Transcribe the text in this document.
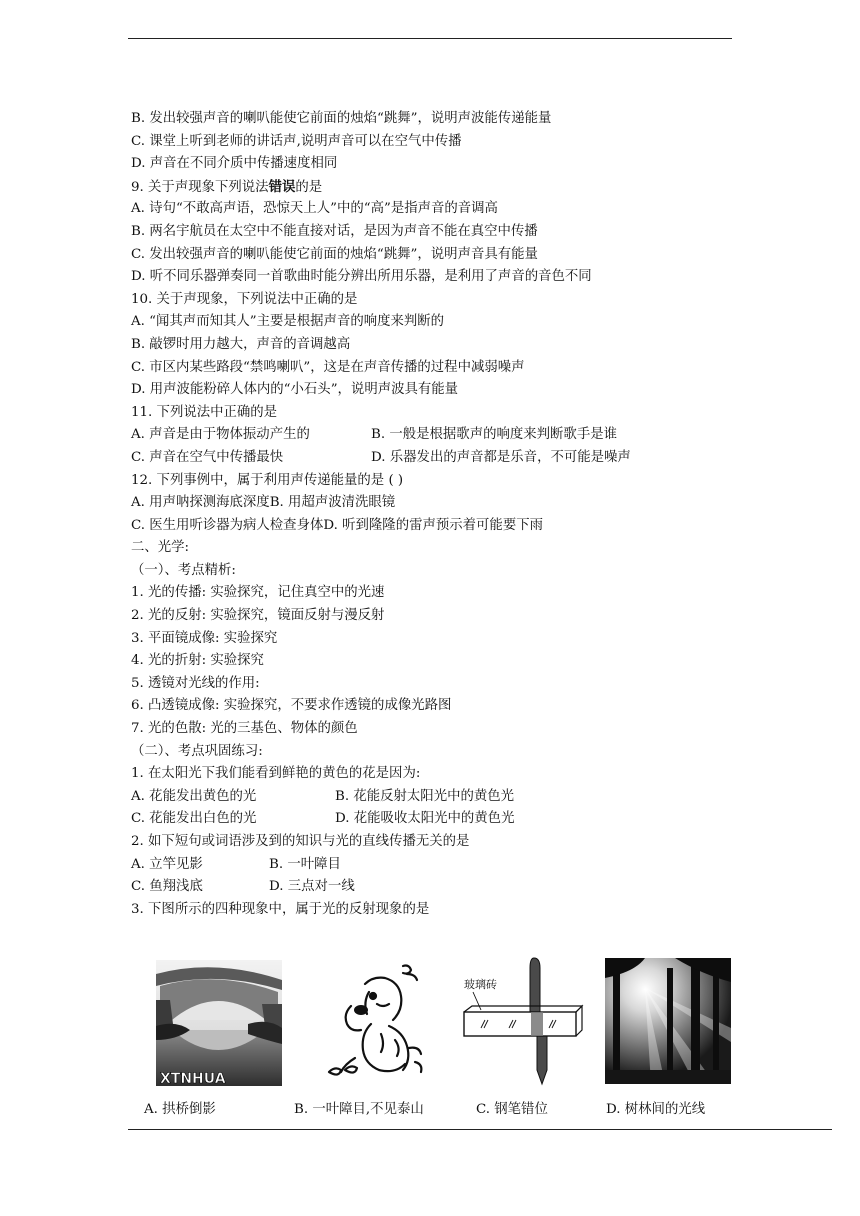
B. 发出较强声音的喇叭能使它前面的烛焰“跳舞”，说明声波能传递能量
C. 课堂上听到老师的讲话声,说明声音可以在空气中传播
D. 声音在不同介质中传播速度相同
9. 关于声现象下列说法错误的是
A. 诗句“不敢高声语，恐惊天上人”中的“高”是指声音的音调高
B. 两名宇航员在太空中不能直接对话，是因为声音不能在真空中传播
C. 发出较强声音的喇叭能使它前面的烛焰“跳舞”，说明声音具有能量
D. 听不同乐器弹奏同一首歌曲时能分辨出所用乐器，是利用了声音的音色不同
10. 关于声现象，下列说法中正确的是
A. “闻其声而知其人”主要是根据声音的响度来判断的
B. 敲锣时用力越大，声音的音调越高
C. 市区内某些路段“禁鸣喇叭”，这是在声音传播的过程中减弱噪声
D. 用声波能粉碎人体内的“小石头”，说明声波具有能量
11. 下列说法中正确的是
A. 声音是由于物体振动产生的	B. 一般是根据歌声的响度来判断歌手是谁
C. 声音在空气中传播最快	D. 乐器发出的声音都是乐音，不可能是噪声
12. 下列事例中，属于利用声传递能量的是 ( )
A. 用声呐探测海底深度B. 用超声波清洗眼镜
C. 医生用听诊器为病人检查身体D. 听到隆隆的雷声预示着可能要下雨
二、光学:
（一）、考点精析:
1. 光的传播: 实验探究，记住真空中的光速
2. 光的反射: 实验探究，镜面反射与漫反射
3. 平面镜成像: 实验探究
4. 光的折射: 实验探究
5. 透镜对光线的作用:
6. 凸透镜成像: 实验探究，不要求作透镜的成像光路图
7. 光的色散: 光的三基色、物体的颜色
（二）、考点巩固练习:
1. 在太阳光下我们能看到鲜艳的黄色的花是因为:
A. 花能发出黄色的光	B. 花能反射太阳光中的黄色光
C. 花能发出白色的光	D. 花能吸收太阳光中的黄色光
2. 如下短句或词语涉及到的知识与光的直线传播无关的是
A. 立竿见影	B. 一叶障目
C. 鱼翔浅底	D. 三点对一线
3. 下图所示的四种现象中，属于光的反射现象的是
XTNHUA
玻璃砖
A. 拱桥倒影	B. 一叶障目,不见泰山	C. 钢笔错位	D. 树林间的光线
